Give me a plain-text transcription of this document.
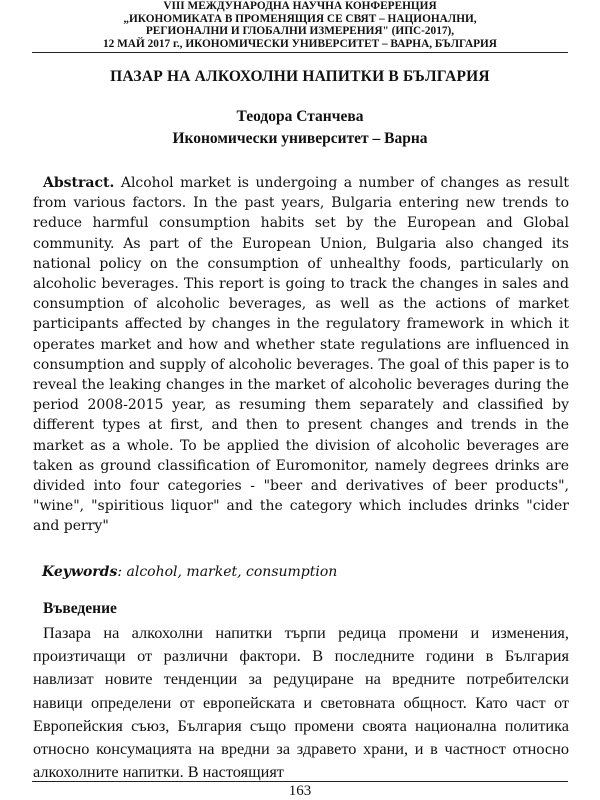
VIII МЕЖДУНАРОДНА НАУЧНА КОНФЕРЕНЦИЯ
„ИКОНОМИКАТА В ПРОМЕНЯЩИЯ СЕ СВЯТ – НАЦИОНАЛНИ,
РЕГИОНАЛНИ И ГЛОБАЛНИ ИЗМЕРЕНИЯ" (ИПС-2017),
12 МАЙ 2017 г., ИКОНОМИЧЕСКИ УНИВЕРСИТЕТ – ВАРНА, БЪЛГАРИЯ
ПАЗАР НА АЛКОХОЛНИ НАПИТКИ В БЪЛГАРИЯ
Теодора Станчева
Икономически университет – Варна
Abstract. Alcohol market is undergoing a number of changes as result from various factors. In the past years, Bulgaria entering new trends to reduce harmful consumption habits set by the European and Global community. As part of the European Union, Bulgaria also changed its national policy on the consumption of unhealthy foods, particularly on alcoholic beverages. This report is going to track the changes in sales and consumption of alcoholic beverages, as well as the actions of market participants affected by changes in the regulatory framework in which it operates market and how and whether state regulations are influenced in consumption and supply of alcoholic beverages. The goal of this paper is to reveal the leaking changes in the market of alcoholic beverages during the period 2008-2015 year, as resuming them separately and classified by different types at first, and then to present changes and trends in the market as a whole. To be applied the division of alcoholic beverages are taken as ground classification of Euromonitor, namely degrees drinks are divided into four categories - "beer and derivatives of beer products", "wine", "spiritious liquor" and the category which includes drinks "cider and perry"
Keywords: alcohol, market, consumption
Въведение
Пазара на алкохолни напитки търпи редица промени и изменения, произтичащи от различни фактори. В последните години в България навлизат новите тенденции за редуциране на вредните потребителски навици определени от европейската и световната общност. Като част от Европейския съюз, България също промени своята национална политика относно консумацията на вредни за здравето храни, и в частност относно алкохолните напитки. В настоящият
163
